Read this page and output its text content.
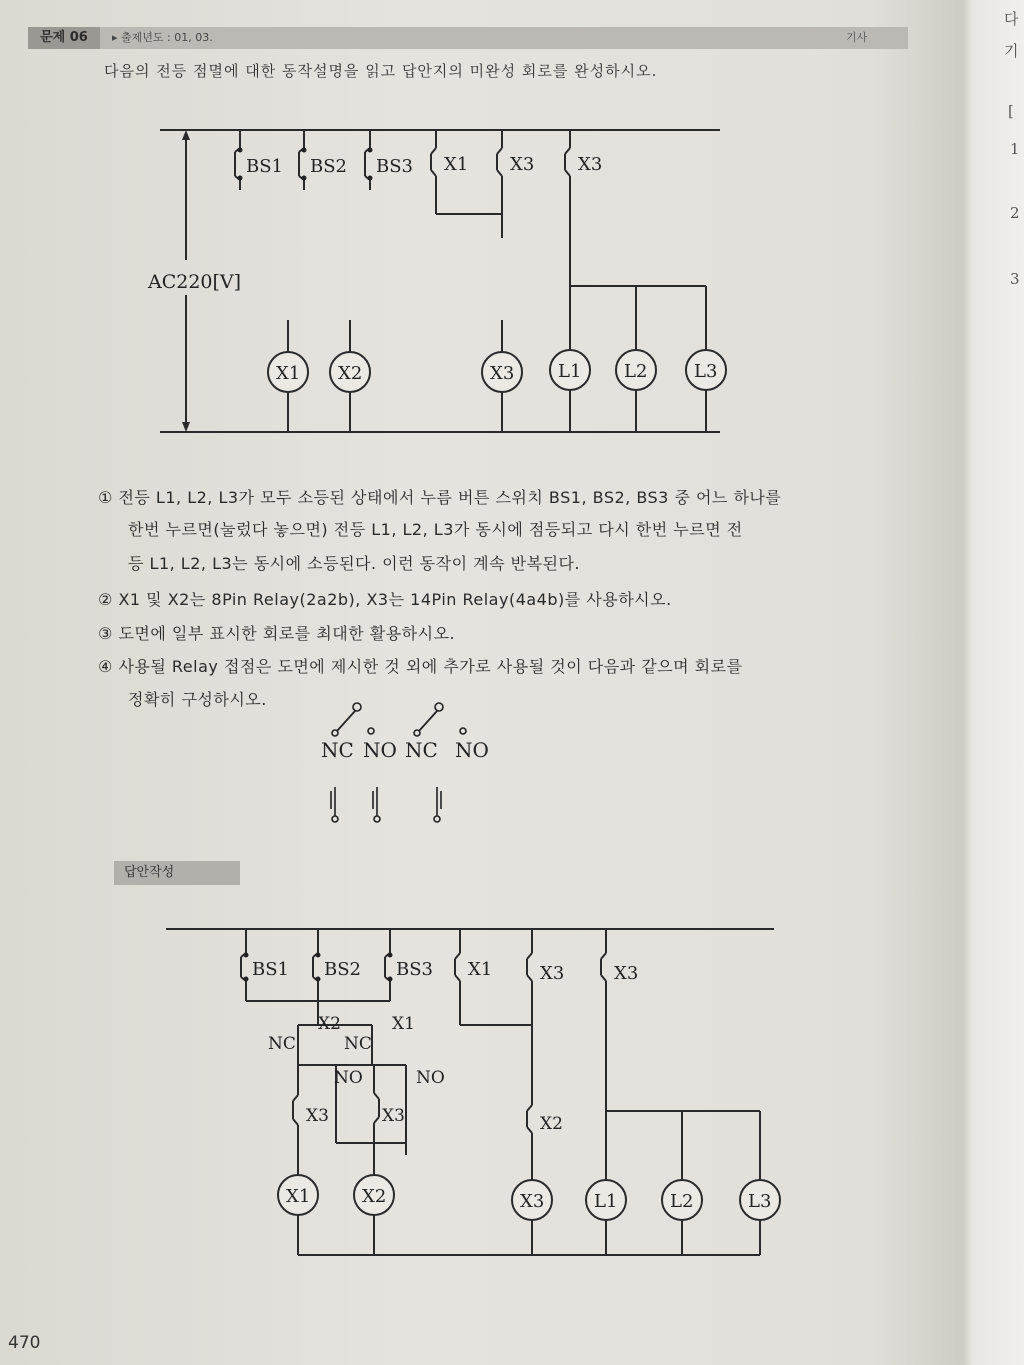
문제 06	▸ 출제년도 : 01, 03.	기사
다음의 전등 점멸에 대한 동작설명을 읽고 답안지의 미완성 회로를 완성하시오.
AC220[V]
BS1 BS2 BS3 X1 X3 X3
X1 X2	X3 L1 L2	L3
① 전등 L1, L2, L3가 모두 소등된 상태에서 누름 버튼 스위치 BS1, BS2, BS3 중 어느 하나를
한번 누르면(눌렀다 놓으면) 전등 L1, L2, L3가 동시에 점등되고 다시 한번 누르면 전
등 L1, L2, L3는 동시에 소등된다. 이런 동작이 계속 반복된다.
② X1 및 X2는 8Pin Relay(2a2b), X3는 14Pin Relay(4a4b)를 사용하시오.
③ 도면에 일부 표시한 회로를 최대한 활용하시오.
④ 사용될 Relay 접점은 도면에 제시한 것 외에 추가로 사용될 것이 다음과 같으며 회로를
정확히 구성하시오.
NC NO NC NO
답안작성
BS1 BS2 BS3 X1	X3	X3
X2	X1
NC	NC
NO	NO
X3	X3	X2
X1	X2	X3	L1	L2	L3
다
기
[
1
2
3
470
